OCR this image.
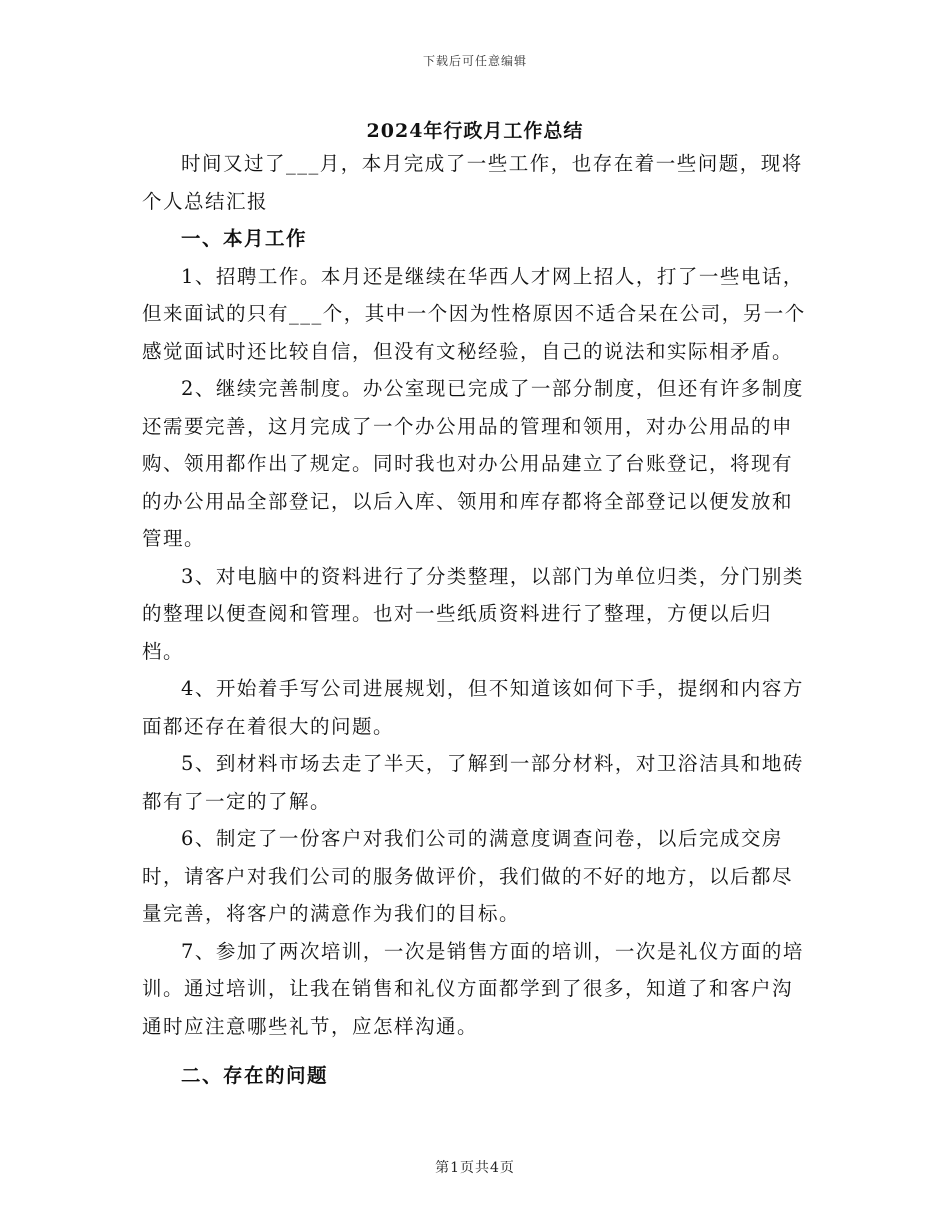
下载后可任意编辑
2024年行政月工作总结

时间又过了___月，本月完成了一些工作，也存在着一些问题，现将个人总结汇报

一、本月工作

1、招聘工作。本月还是继续在华西人才网上招人，打了一些电话，但来面试的只有___个，其中一个因为性格原因不适合呆在公司，另一个感觉面试时还比较自信，但没有文秘经验，自己的说法和实际相矛盾。

2、继续完善制度。办公室现已完成了一部分制度，但还有许多制度还需要完善，这月完成了一个办公用品的管理和领用，对办公用品的申购、领用都作出了规定。同时我也对办公用品建立了台账登记，将现有的办公用品全部登记，以后入库、领用和库存都将全部登记以便发放和管理。

3、对电脑中的资料进行了分类整理，以部门为单位归类，分门别类的整理以便查阅和管理。也对一些纸质资料进行了整理，方便以后归档。

4、开始着手写公司进展规划，但不知道该如何下手，提纲和内容方面都还存在着很大的问题。

5、到材料市场去走了半天，了解到一部分材料，对卫浴洁具和地砖都有了一定的了解。

6、制定了一份客户对我们公司的满意度调查问卷，以后完成交房时，请客户对我们公司的服务做评价，我们做的不好的地方，以后都尽量完善，将客户的满意作为我们的目标。

7、参加了两次培训，一次是销售方面的培训，一次是礼仪方面的培训。通过培训，让我在销售和礼仪方面都学到了很多，知道了和客户沟通时应注意哪些礼节，应怎样沟通。

二、存在的问题

第1页共4页
